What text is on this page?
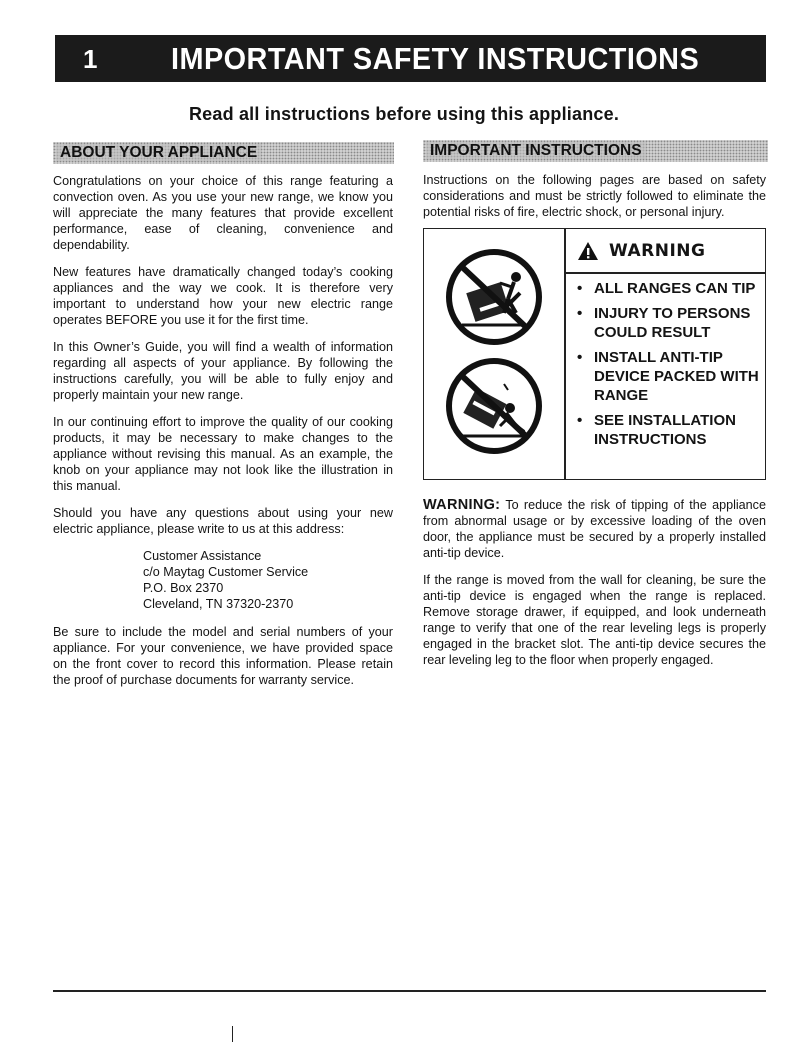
1 IMPORTANT SAFETY INSTRUCTIONS
Read all instructions before using this appliance.
ABOUT YOUR APPLIANCE	IMPORTANT INSTRUCTIONS

Congratulations on your choice of this range featuring a convection oven. As you use your new range, we know you will appreciate the many features that provide excellent performance, ease of cleaning, convenience and dependability.

New features have dramatically changed today’s cooking appliances and the way we cook. It is therefore very important to understand how your new electric range operates BEFORE you use it for the first time.

In this Owner’s Guide, you will find a wealth of information regarding all aspects of your appliance. By following the instructions carefully, you will be able to fully enjoy and properly maintain your new range.

In our continuing effort to improve the quality of our cooking products, it may be necessary to make changes to the appliance without revising this manual. As an example, the knob on your appliance may not look like the illustration in this manual.

Should you have any questions about using your new electric appliance, please write to us at this address:

Customer Assistance
c/o Maytag Customer Service
P.O. Box 2370
Cleveland, TN 37320-2370

Be sure to include the model and serial numbers of your appliance. For your convenience, we have provided space on the front cover to record this information. Please retain the proof of purchase documents for warranty service.

Instructions on the following pages are based on safety considerations and must be strictly followed to eliminate the potential risks of fire, electric shock, or personal injury.

WARNING
• ALL RANGES CAN TIP
• INJURY TO PERSONS COULD RESULT
• INSTALL ANTI-TIP DEVICE PACKED WITH RANGE
• SEE INSTALLATION INSTRUCTIONS

WARNING: To reduce the risk of tipping of the appliance from abnormal usage or by excessive loading of the oven door, the appliance must be secured by a properly installed anti-tip device.

If the range is moved from the wall for cleaning, be sure the anti-tip device is engaged when the range is replaced. Remove storage drawer, if equipped, and look underneath range to verify that one of the rear leveling legs is properly engaged in the bracket slot. The anti-tip device secures the rear leveling leg to the floor when properly engaged.
